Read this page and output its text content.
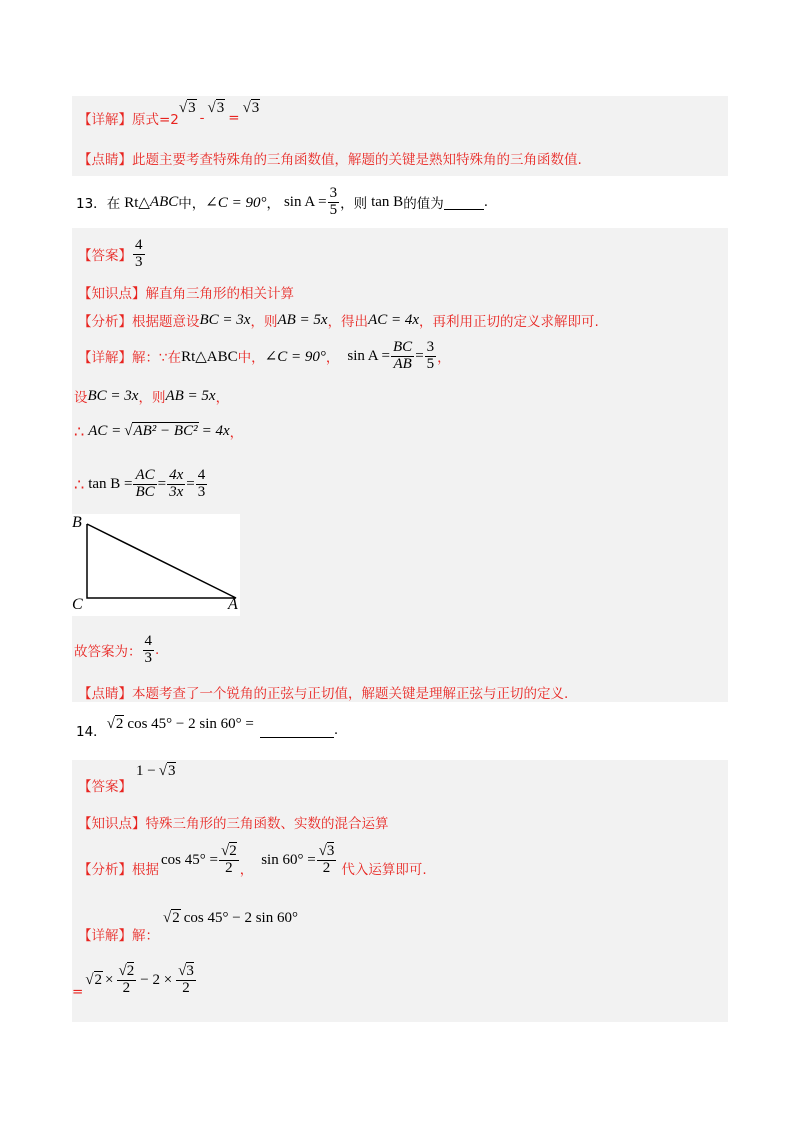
【详解】 原式=2
√3
-
√3
=
√3
【点睛】 此题主要考查特殊角的三角函数值，解题的关键是熟知特殊角的三角函数值.
13． 在 Rt△ ABC 中， ∠C = 90° ， $\sin A = \frac{3}{5}$ ，则 tan B 的值为	.
【答案】 $\frac{4}{3}$
【知识点】 解直角三角形的相关计算
【分析】 根据题意设 BC = 3x ，则 AB = 5x ，得出 AC = 4x ，再利用正切的定义求解即可.
【详解】 解：∵在 Rt△ABC 中， ∠C = 90° ， $\sin A = \frac{BC}{AB} = \frac{3}{5}$ ，
设 BC = 3x ，则 AB = 5x ，
∴ AC = √AB² − BC² = 4x ，
∴ $\tan B = \frac{AC}{BC} = \frac{4x}{3x} = \frac{4}{3}$
B
C	A
故答案为： $\frac{4}{3}$ .
【点睛】 本题考查了一个锐角的正弦与正切值，解题关键是理解正弦与正切的定义.
14．
√2 cos 45° − 2 sin 60° =	.
【答案】
1 − √3
【知识点】 特殊三角形的三角函数、实数的混合运算
【分析】 根据
$\cos 45^\circ = \frac{√2}{2}$ ，
$\sin 60^\circ = \frac{√3}{2}$ 代入运算即可.
【详解】 解：
√2 cos 45° − 2 sin 60°
=
$√2 \times \frac{√2}{2} - 2 \times \frac{√3}{2}$
